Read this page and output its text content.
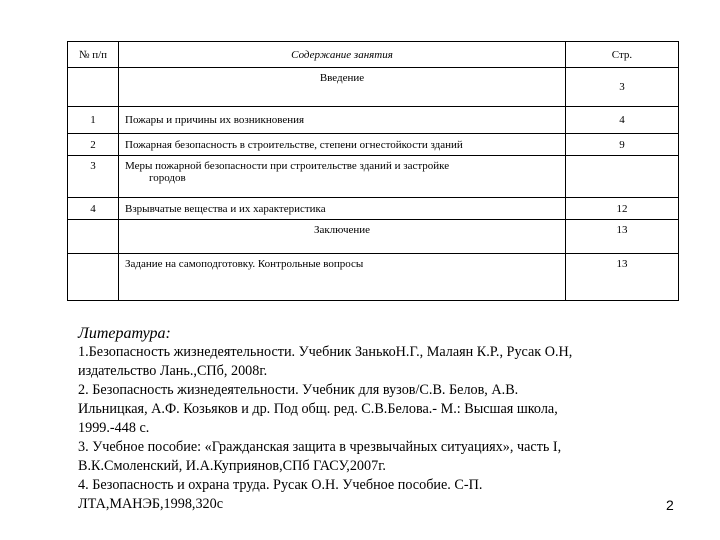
№ п/п	Содержание занятия	Стр.
	Введение	3
1	Пожары и причины их возникновения	4
2	Пожарная безопасность в строительстве, степени огнестойкости зданий	9
3	Меры пожарной безопасности при строительстве зданий и застройке
городов	

4	Взрывчатые вещества и их характеристика	12
	Заключение	13
	Задание на самоподготовку. Контрольные вопросы	13
Литература:

1.Безопасность жизнедеятельности. Учебник ЗанькоН.Г., Малаян К.Р., Русак О.Н,

издательство Лань.,СПб, 2008г.

2. Безопасность жизнедеятельности. Учебник для вузов/С.В. Белов, А.В.

Ильницкая, А.Ф. Козьяков и др. Под общ. ред. С.В.Белова.- М.: Высшая школа,

1999.-448 с.

3. Учебное пособие: «Гражданская защита в чрезвычайных ситуациях», часть I,

В.К.Смоленский, И.А.Куприянов,СПб ГАСУ,2007г.

4. Безопасность и охрана труда. Русак О.Н. Учебное пособие. С-П.

ЛТА,МАНЭБ,1998,320с	2
